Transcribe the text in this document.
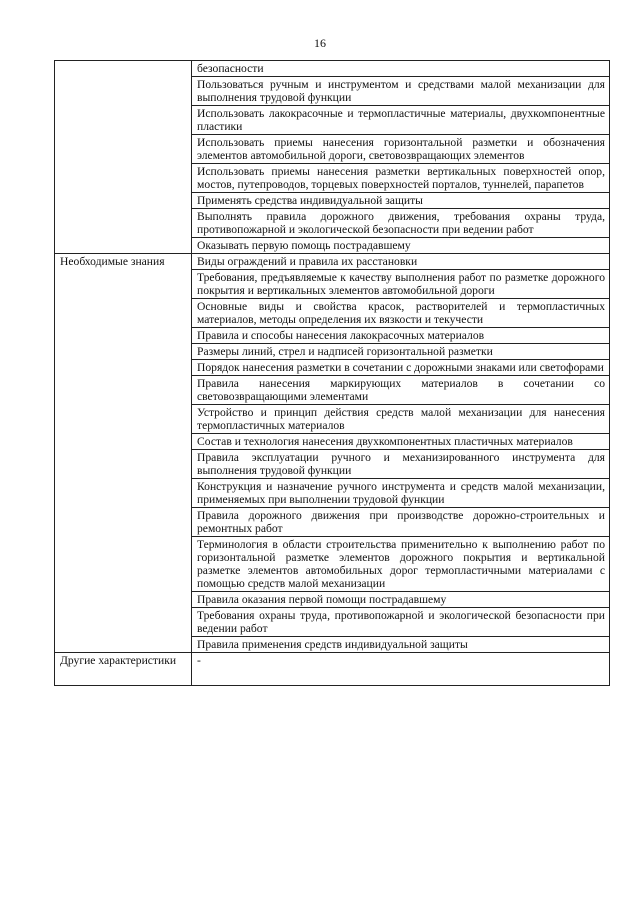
16
	безопасности
	Пользоваться ручным и инструментом и средствами малой механизации для выполнения трудовой функции
	Использовать лакокрасочные и термопластичные материалы, двухкомпонентные пластики
	Использовать приемы нанесения горизонтальной разметки и обозначения элементов автомобильной дороги, световозвращающих элементов
	Использовать приемы нанесения разметки вертикальных поверхностей опор, мостов, путепроводов, торцевых поверхностей порталов, туннелей, парапетов
	Применять средства индивидуальной защиты
	Выполнять правила дорожного движения, требования охраны труда, противопожарной и экологической безопасности при ведении работ
	Оказывать первую помощь пострадавшему
Необходимые знания	Виды ограждений и правила их расстановки
	Требования, предъявляемые к качеству выполнения работ по разметке дорожного покрытия и вертикальных элементов автомобильной дороги
	Основные виды и свойства красок, растворителей и термопластичных материалов, методы определения их вязкости и текучести
	Правила и способы нанесения лакокрасочных материалов
	Размеры линий, стрел и надписей горизонтальной разметки
	Порядок нанесения разметки в сочетании с дорожными знаками или светофорами
	Правила нанесения маркирующих материалов в сочетании со световозвращающими элементами
	Устройство и принцип действия средств малой механизации для нанесения термопластичных материалов
	Состав и технология нанесения двухкомпонентных пластичных материалов
	Правила эксплуатации ручного и механизированного инструмента для выполнения трудовой функции
	Конструкция и назначение ручного инструмента и средств малой механизации, применяемых при выполнении трудовой функции
	Правила дорожного движения при производстве дорожно-строительных и ремонтных работ
	Терминология в области строительства применительно к выполнению работ по горизонтальной разметке элементов дорожного покрытия и вертикальной разметке элементов автомобильных дорог термопластичными материалами с помощью средств малой механизации
	Правила оказания первой помощи пострадавшему
	Требования охраны труда, противопожарной и экологической безопасности при ведении работ
	Правила применения средств индивидуальной защиты
Другие характеристики	-
